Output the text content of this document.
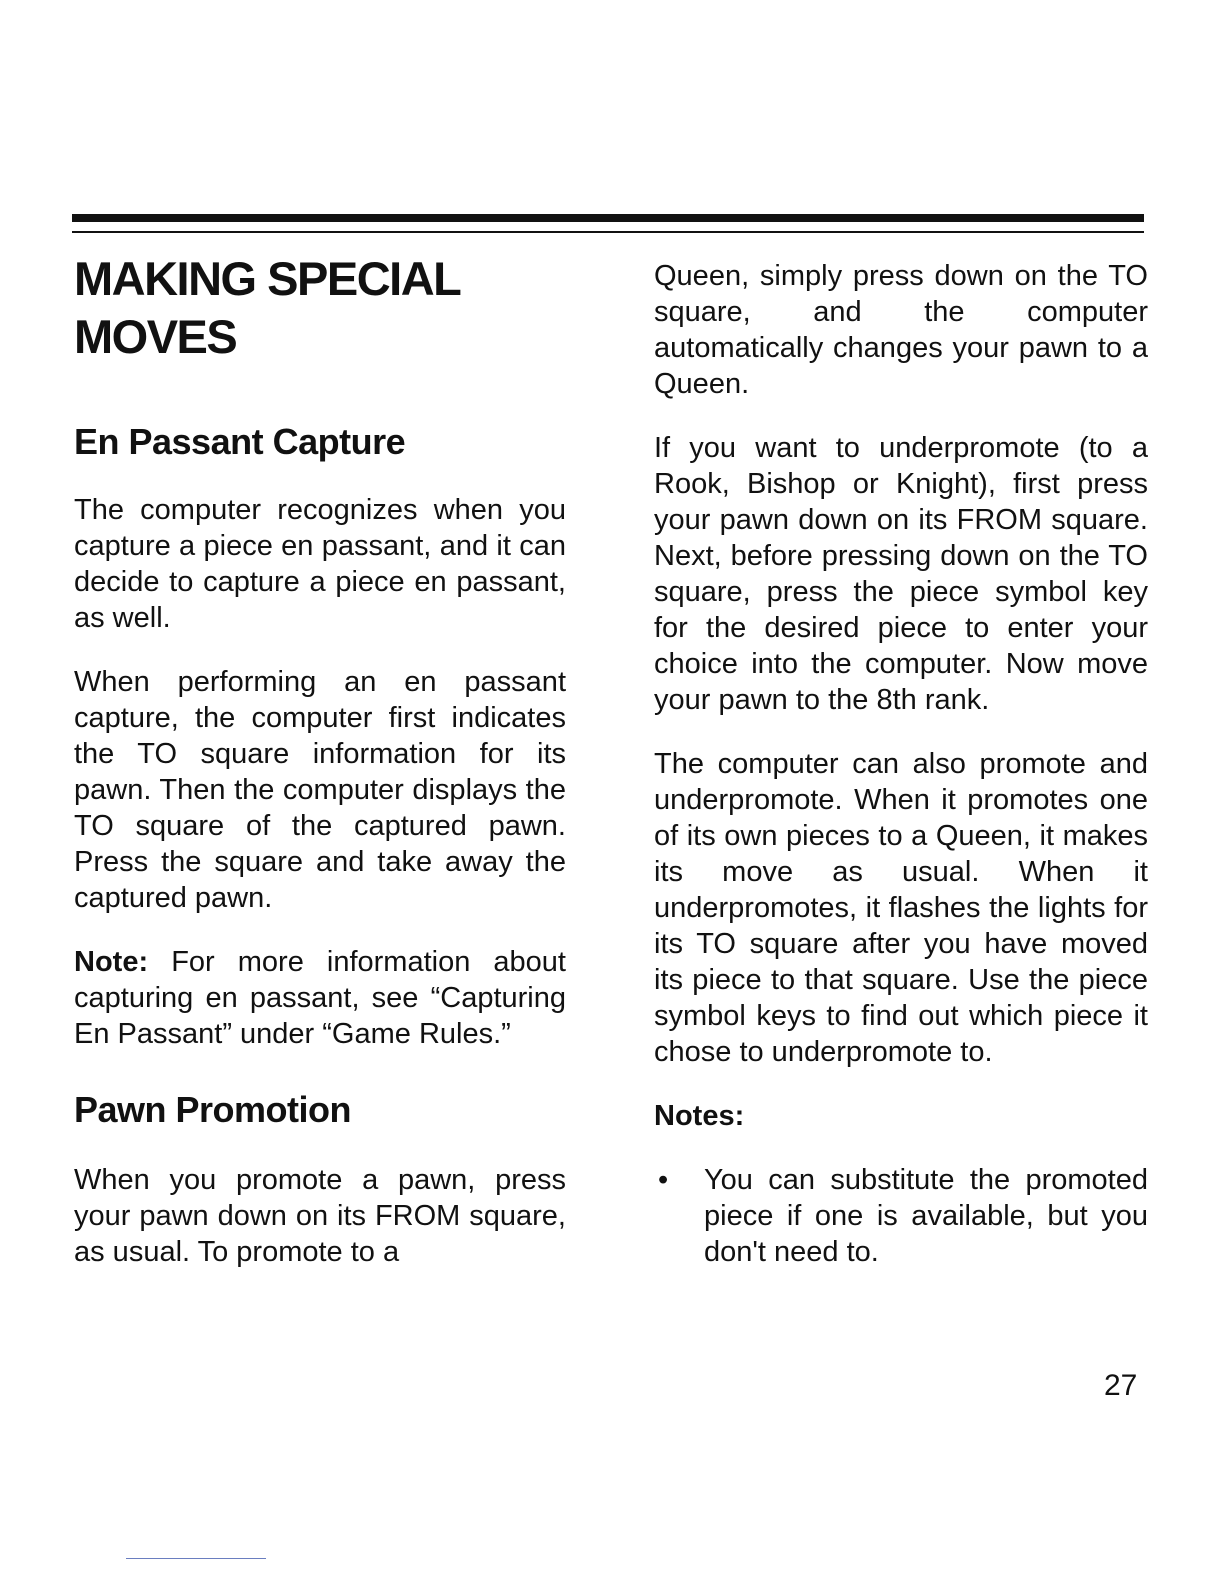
MAKING SPECIAL MOVES
En Passant Capture

The computer recognizes when you capture a piece en passant, and it can decide to capture a piece en passant, as well.

When performing an en passant capture, the computer first indicates the TO square information for its pawn. Then the computer displays the TO square of the captured pawn. Press the square and take away the captured pawn.

Note: For more information about capturing en passant, see “Capturing En Passant” under “Game Rules.”

Pawn Promotion

When you promote a pawn, press your pawn down on its FROM square, as usual. To promote to a

Queen, simply press down on the TO square, and the computer automatically changes your pawn to a Queen.

If you want to underpromote (to a Rook, Bishop or Knight), first press your pawn down on its FROM square. Next, before pressing down on the TO square, press the piece symbol key for the desired piece to enter your choice into the computer. Now move your pawn to the 8th rank.

The computer can also promote and underpromote. When it promotes one of its own pieces to a Queen, it makes its move as usual. When it underpromotes, it flashes the lights for its TO square after you have moved its piece to that square. Use the piece symbol keys to find out which piece it chose to underpromote to.

Notes:

•	You can substitute the promoted piece if one is available, but you don't need to.
27
